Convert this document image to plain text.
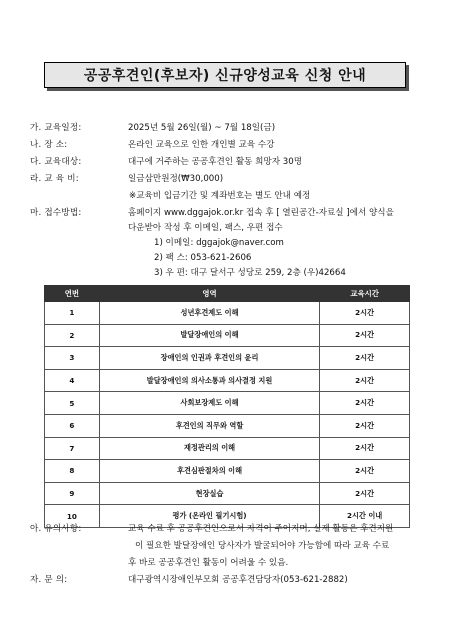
공공후견인(후보자) 신규양성교육 신청 안내
가. 교육일정:	2025년 5월 26일(월) ~ 7월 18일(금)
나. 장 소:	온라인 교육으로 인한 개인별 교육 수강
다. 교육대상:	대구에 거주하는 공공후견인 활동 희망자 30명
라. 교 육 비:	일금삼만원정(₩30,000)
※교육비 입금기간 및 계좌번호는 별도 안내 예정
마. 접수방법:	홈페이지 www.dggajok.or.kr 접속 후 [ 열린공간-자료실 ]에서 양식을
다운받아 작성 후 이메일, 팩스, 우편 접수
1) 이메일: dggajok@naver.com
2) 팩 스: 053-621-2606
3) 우 편: 대구 달서구 성당로 259, 2층 (우)42664
연번	영역	교육시간
1	성년후견제도 이해	2시간
2	발달장애인의 이해	2시간
3	장애인의 인권과 후견인의 윤리	2시간
4	발달장애인의 의사소통과 의사결정 지원	2시간
5	사회보장제도 이해	2시간
6	후견인의 직무와 역할	2시간
7	재정관리의 이해	2시간
8	후견심판절차의 이해	2시간
9	현장실습	2시간
10	평가 (온라인 필기시험)	2시간 이내
아. 유의사항:	교육 수료 후 공공후견인으로서 자격이 주어지며, 실제 활동은 후견지원
이 필요한 발달장애인 당사자가 발굴되어야 가능함에 따라 교육 수료
후 바로 공공후견인 활동이 어려울 수 있음.
자. 문 의:	대구광역시장애인부모회 공공후견담당자(053-621-2882)
